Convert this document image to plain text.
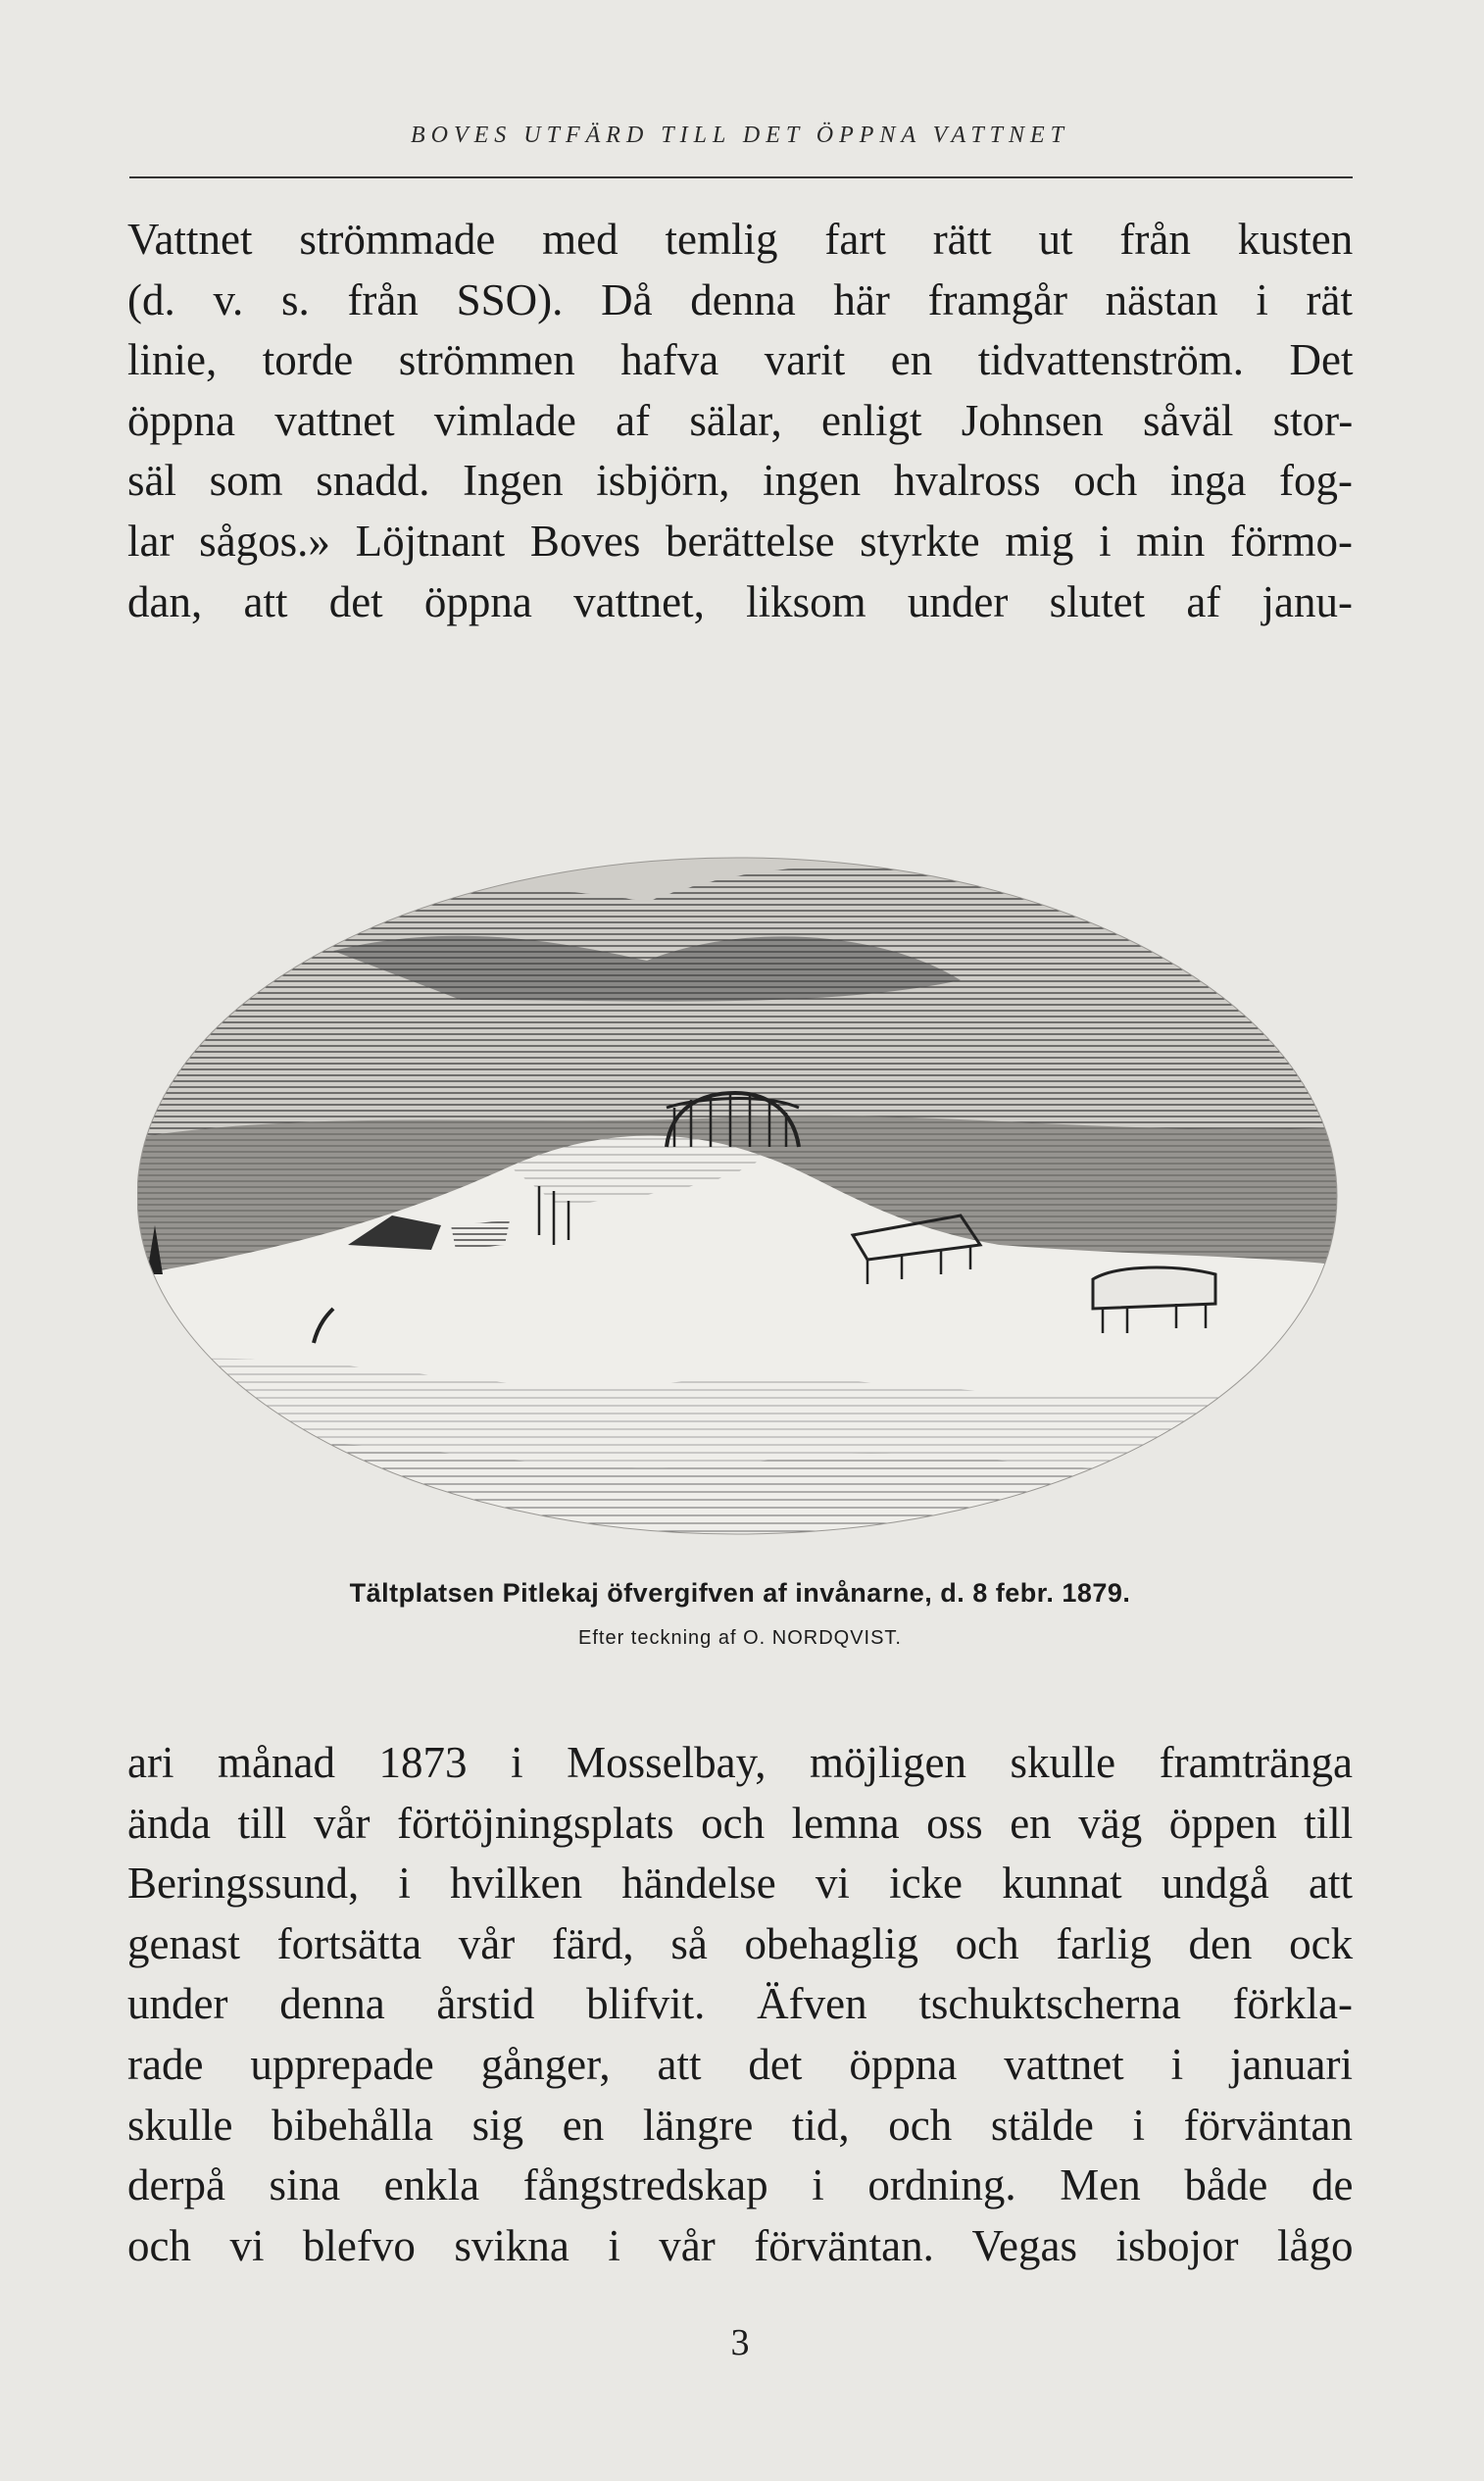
BOVES UTFÄRD TILL DET ÖPPNA VATTNET
Vattnet strömmade med temlig fart rätt ut från kusten
(d. v. s. från SSO). Då denna här framgår nästan i rät
linie, torde strömmen hafva varit en tidvattenström. Det
öppna vattnet vimlade af sälar, enligt Johnsen såväl stor-
säl som snadd. Ingen isbjörn, ingen hvalross och inga fog-
lar sågos.» Löjtnant Boves berättelse styrkte mig i min förmo-
dan, att det öppna vattnet, liksom under slutet af janu-
Tältplatsen Pitlekaj öfvergifven af invånarne, d. 8 febr. 1879.
Efter teckning af O. NORDQVIST.
ari månad 1873 i Mosselbay, möjligen skulle framtränga
ända till vår förtöjningsplats och lemna oss en väg öppen till
Beringssund, i hvilken händelse vi icke kunnat undgå att
genast fortsätta vår färd, så obehaglig och farlig den ock
under denna årstid blifvit. Äfven tschuktscherna förkla-
rade upprepade gånger, att det öppna vattnet i januari
skulle bibehålla sig en längre tid, och stälde i förväntan
derpå sina enkla fångstredskap i ordning. Men både de
och vi blefvo svikna i vår förväntan. Vegas isbojor lågo
3
